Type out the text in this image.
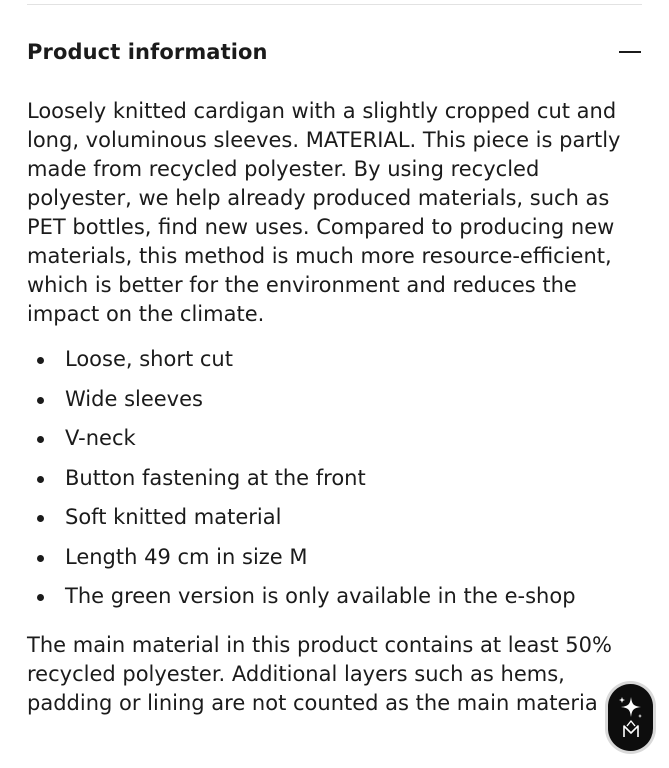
Product information

Loosely knitted cardigan with a slightly cropped cut and long, voluminous sleeves. MATERIAL. This piece is partly made from recycled polyester. By using recycled polyester, we help already produced materials, such as PET bottles, find new uses. Compared to producing new materials, this method is much more resource-efficient, which is better for the environment and reduces the impact on the climate.

Loose, short cut
Wide sleeves
V-neck
Button fastening at the front
Soft knitted material
Length 49 cm in size M
The green version is only available in the e-shop

The main material in this product contains at least 50% recycled polyester. Additional layers such as hems, padding or lining are not counted as the main materia
